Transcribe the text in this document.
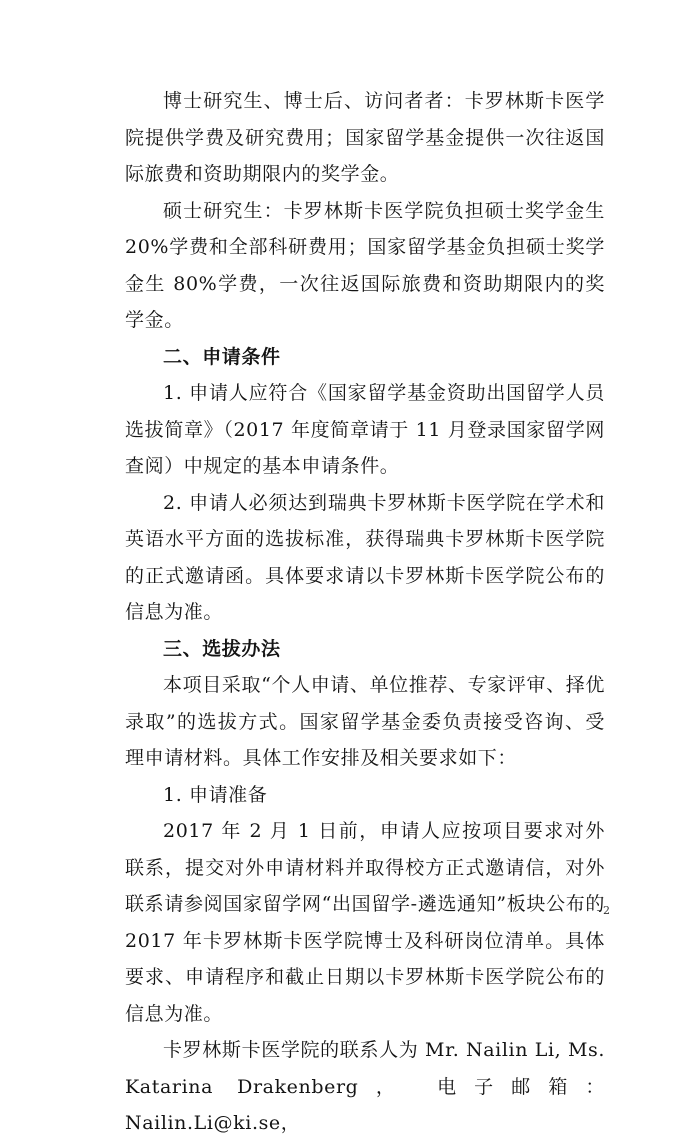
博士研究生、博士后、访问者者：卡罗林斯卡医学院提供学费及研究费用；国家留学基金提供一次往返国际旅费和资助期限内的奖学金。

硕士研究生：卡罗林斯卡医学院负担硕士奖学金生 20%学费和全部科研费用；国家留学基金负担硕士奖学金生 80%学费，一次往返国际旅费和资助期限内的奖学金。

二、申请条件

1. 申请人应符合《国家留学基金资助出国留学人员选拔简章》（2017 年度简章请于 11 月登录国家留学网查阅）中规定的基本申请条件。

2. 申请人必须达到瑞典卡罗林斯卡医学院在学术和英语水平方面的选拔标准，获得瑞典卡罗林斯卡医学院的正式邀请函。具体要求请以卡罗林斯卡医学院公布的信息为准。

三、选拔办法

本项目采取“个人申请、单位推荐、专家评审、择优录取”的选拔方式。国家留学基金委负责接受咨询、受理申请材料。具体工作安排及相关要求如下：

1. 申请准备

2017 年 2 月 1 日前，申请人应按项目要求对外联系，提交对外申请材料并取得校方正式邀请信，对外联系请参阅国家留学网“出国留学-遴选通知”板块公布的 2017 年卡罗林斯卡医学院博士及科研岗位清单。具体要求、申请程序和截止日期以卡罗林斯卡医学院公布的信息为准。

卡罗林斯卡医学院的联系人为 Mr. Nailin Li, Ms. Katarina Drakenberg， 电子邮箱： Nailin.Li@ki.se，

2
